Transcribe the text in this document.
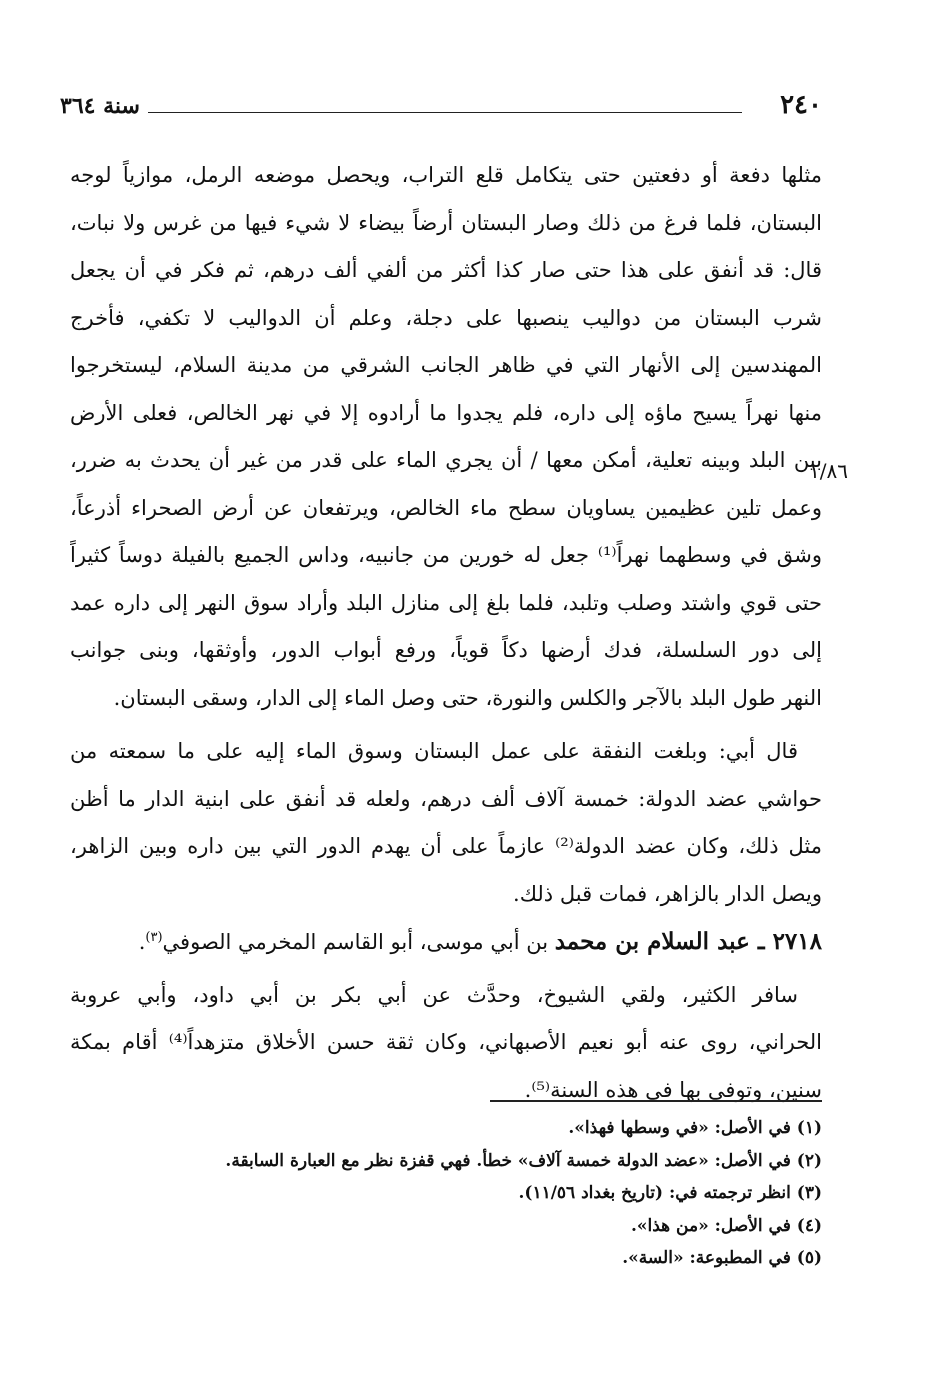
٢٤٠
سنة ٣٦٤
١/٨٦
مثلها دفعة أو دفعتين حتى يتكامل قلع التراب، ويحصل موضعه الرمل، موازياً لوجه
البستان، فلما فرغ من ذلك وصار البستان أرضاً بيضاء لا شيء فيها من غرس ولا نبات،
قال: قد أنفق على هذا حتى صار كذا أكثر من ألفي ألف درهم، ثم فكر في أن يجعل
شرب البستان من دواليب ينصبها على دجلة، وعلم أن الدواليب لا تكفي، فأخرج
المهندسين إلى الأنهار التي في ظاهر الجانب الشرقي من مدينة السلام، ليستخرجوا
منها نهراً يسيح ماؤه إلى داره، فلم يجدوا ما أرادوه إلا في نهر الخالص، فعلى الأرض
بين البلد وبينه تعلية، أمكن معها / أن يجري الماء على قدر من غير أن يحدث به ضرر،
وعمل تلين عظيمين يساويان سطح ماء الخالص، ويرتفعان عن أرض الصحراء أذرعاً،
وشق في وسطهما نهراً⁽¹⁾ جعل له خورين من جانبيه، وداس الجميع بالفيلة دوساً كثيراً
حتى قوي واشتد وصلب وتلبد، فلما بلغ إلى منازل البلد وأراد سوق النهر إلى داره عمد
إلى دور السلسلة، فدك أرضها دكاً قوياً، ورفع أبواب الدور، وأوثقها، وبنى جوانب
النهر طول البلد بالآجر والكلس والنورة، حتى وصل الماء إلى الدار، وسقى البستان.
قال أبي: وبلغت النفقة على عمل البستان وسوق الماء إليه على ما سمعته من
حواشي عضد الدولة: خمسة آلاف ألف درهم، ولعله قد أنفق على ابنية الدار ما أظن
مثل ذلك، وكان عضد الدولة⁽²⁾ عازماً على أن يهدم الدور التي بين داره وبين الزاهر،
ويصل الدار بالزاهر، فمات قبل ذلك.
٢٧١٨ ـ عبد السلام بن محمد بن أبي موسى، أبو القاسم المخرمي الصوفي$^{(٣)}$.
سافر الكثير، ولقي الشيوخ، وحدَّث عن أبي بكر بن أبي داود، وأبي عروبة
الحراني، روى عنه أبو نعيم الأصبهاني، وكان ثقة حسن الأخلاق متزهداً⁽⁴⁾ أقام بمكة
سنين، وتوفي بها في هذه السنة⁽⁵⁾.
(١) في الأصل: «في وسطها فهذا».
(٢) في الأصل: «عضد الدولة خمسة آلاف» خطأ. فهي قفزة نظر مع العبارة السابقة.
(٣) انظر ترجمته في: (تاريخ بغداد ١١/٥٦).
(٤) في الأصل: «من هذا».
(٥) في المطبوعة: «السة».
